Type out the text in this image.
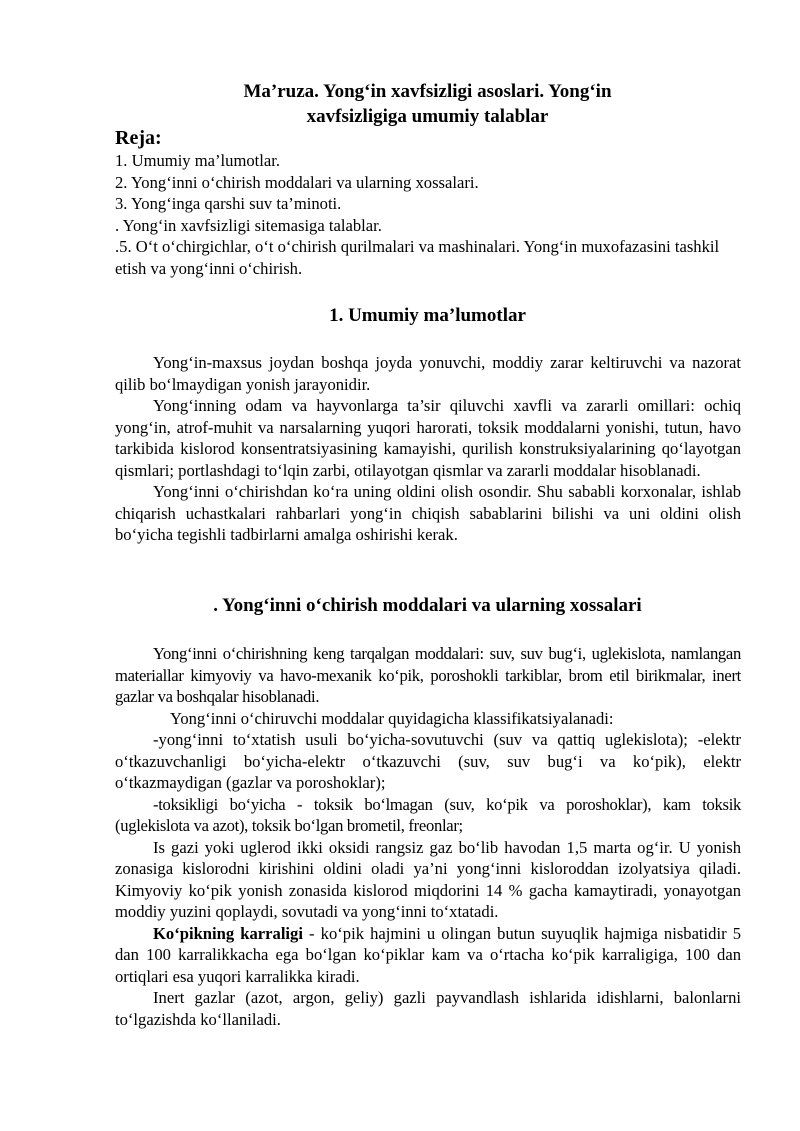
Ma’ruza. Yong‘in xavfsizligi asoslari. Yong‘in
xavfsizligiga umumiy talablar
Reja:
1. Umumiy ma’lumotlar.
2. Yong‘inni o‘chirish moddalari va ularning xossalari.
3. Yong‘inga qarshi suv ta’minoti.
. Yong‘in xavfsizligi sitemasiga talablar.
.5. O‘t o‘chirgichlar, o‘t o‘chirish qurilmalari va mashinalari. Yong‘in muxofazasini tashkil etish va yong‘inni o‘chirish.
1. Umumiy ma’lumotlar

Yong‘in-maxsus joydan boshqa joyda yonuvchi, moddiy zarar keltiruvchi va nazorat qilib bo‘lmaydigan yonish jarayonidir.

Yong‘inning odam va hayvonlarga ta’sir qiluvchi xavfli va zararli omillari: ochiq yong‘in, atrof-muhit va narsalarning yuqori harorati, toksik moddalarni yonishi, tutun, havo tarkibida kislorod konsentratsiyasining kamayishi, qurilish konstruksiyalarining qo‘layotgan qismlari; portlashdagi to‘lqin zarbi, otilayotgan qismlar va zararli moddalar hisoblanadi.

Yong‘inni o‘chirishdan ko‘ra uning oldini olish osondir. Shu sababli korxonalar, ishlab chiqarish uchastkalari rahbarlari yong‘in chiqish sabablarini bilishi va uni oldini olish bo‘yicha tegishli tadbirlarni amalga oshirishi kerak.

. Yong‘inni o‘chirish moddalari va ularning xossalari

Yong‘inni o‘chirishning keng tarqalgan moddalari: suv, suv bug‘i, uglekislota, namlangan materiallar kimyoviy va havo-mexanik ko‘pik, poroshokli tarkiblar, brom etil birikmalar, inert gazlar va boshqalar hisoblanadi.

Yong‘inni o‘chiruvchi moddalar quyidagicha klassifikatsiyalanadi:

-yong‘inni to‘xtatish usuli bo‘yicha-sovutuvchi (suv va qattiq uglekislota); -elektr o‘tkazuvchanligi bo‘yicha-elektr o‘tkazuvchi (suv, suv bug‘i va ko‘pik), elektr o‘tkazmaydigan (gazlar va poroshoklar);

-toksikligi bo‘yicha - toksik bo‘lmagan (suv, ko‘pik va poroshoklar), kam toksik (uglekislota va azot), toksik bo‘lgan brometil, freonlar;

Is gazi yoki uglerod ikki oksidi rangsiz gaz bo‘lib havodan 1,5 marta og‘ir. U yonish zonasiga kislorodni kirishini oldini oladi ya’ni yong‘inni kisloroddan izolyatsiya qiladi. Kimyoviy ko‘pik yonish zonasida kislorod miqdorini 14 % gacha kamaytiradi, yonayotgan moddiy yuzini qoplaydi, sovutadi va yong‘inni to‘xtatadi.

Ko‘pikning karraligi - ko‘pik hajmini u olingan butun suyuqlik hajmiga nisbatidir 5 dan 100 karralikkacha ega bo‘lgan ko‘piklar kam va o‘rtacha ko‘pik karraligiga, 100 dan ortiqlari esa yuqori karralikka kiradi.

Inert gazlar (azot, argon, geliy) gazli payvandlash ishlarida idishlarni, balonlarni to‘lgazishda ko‘llaniladi.
